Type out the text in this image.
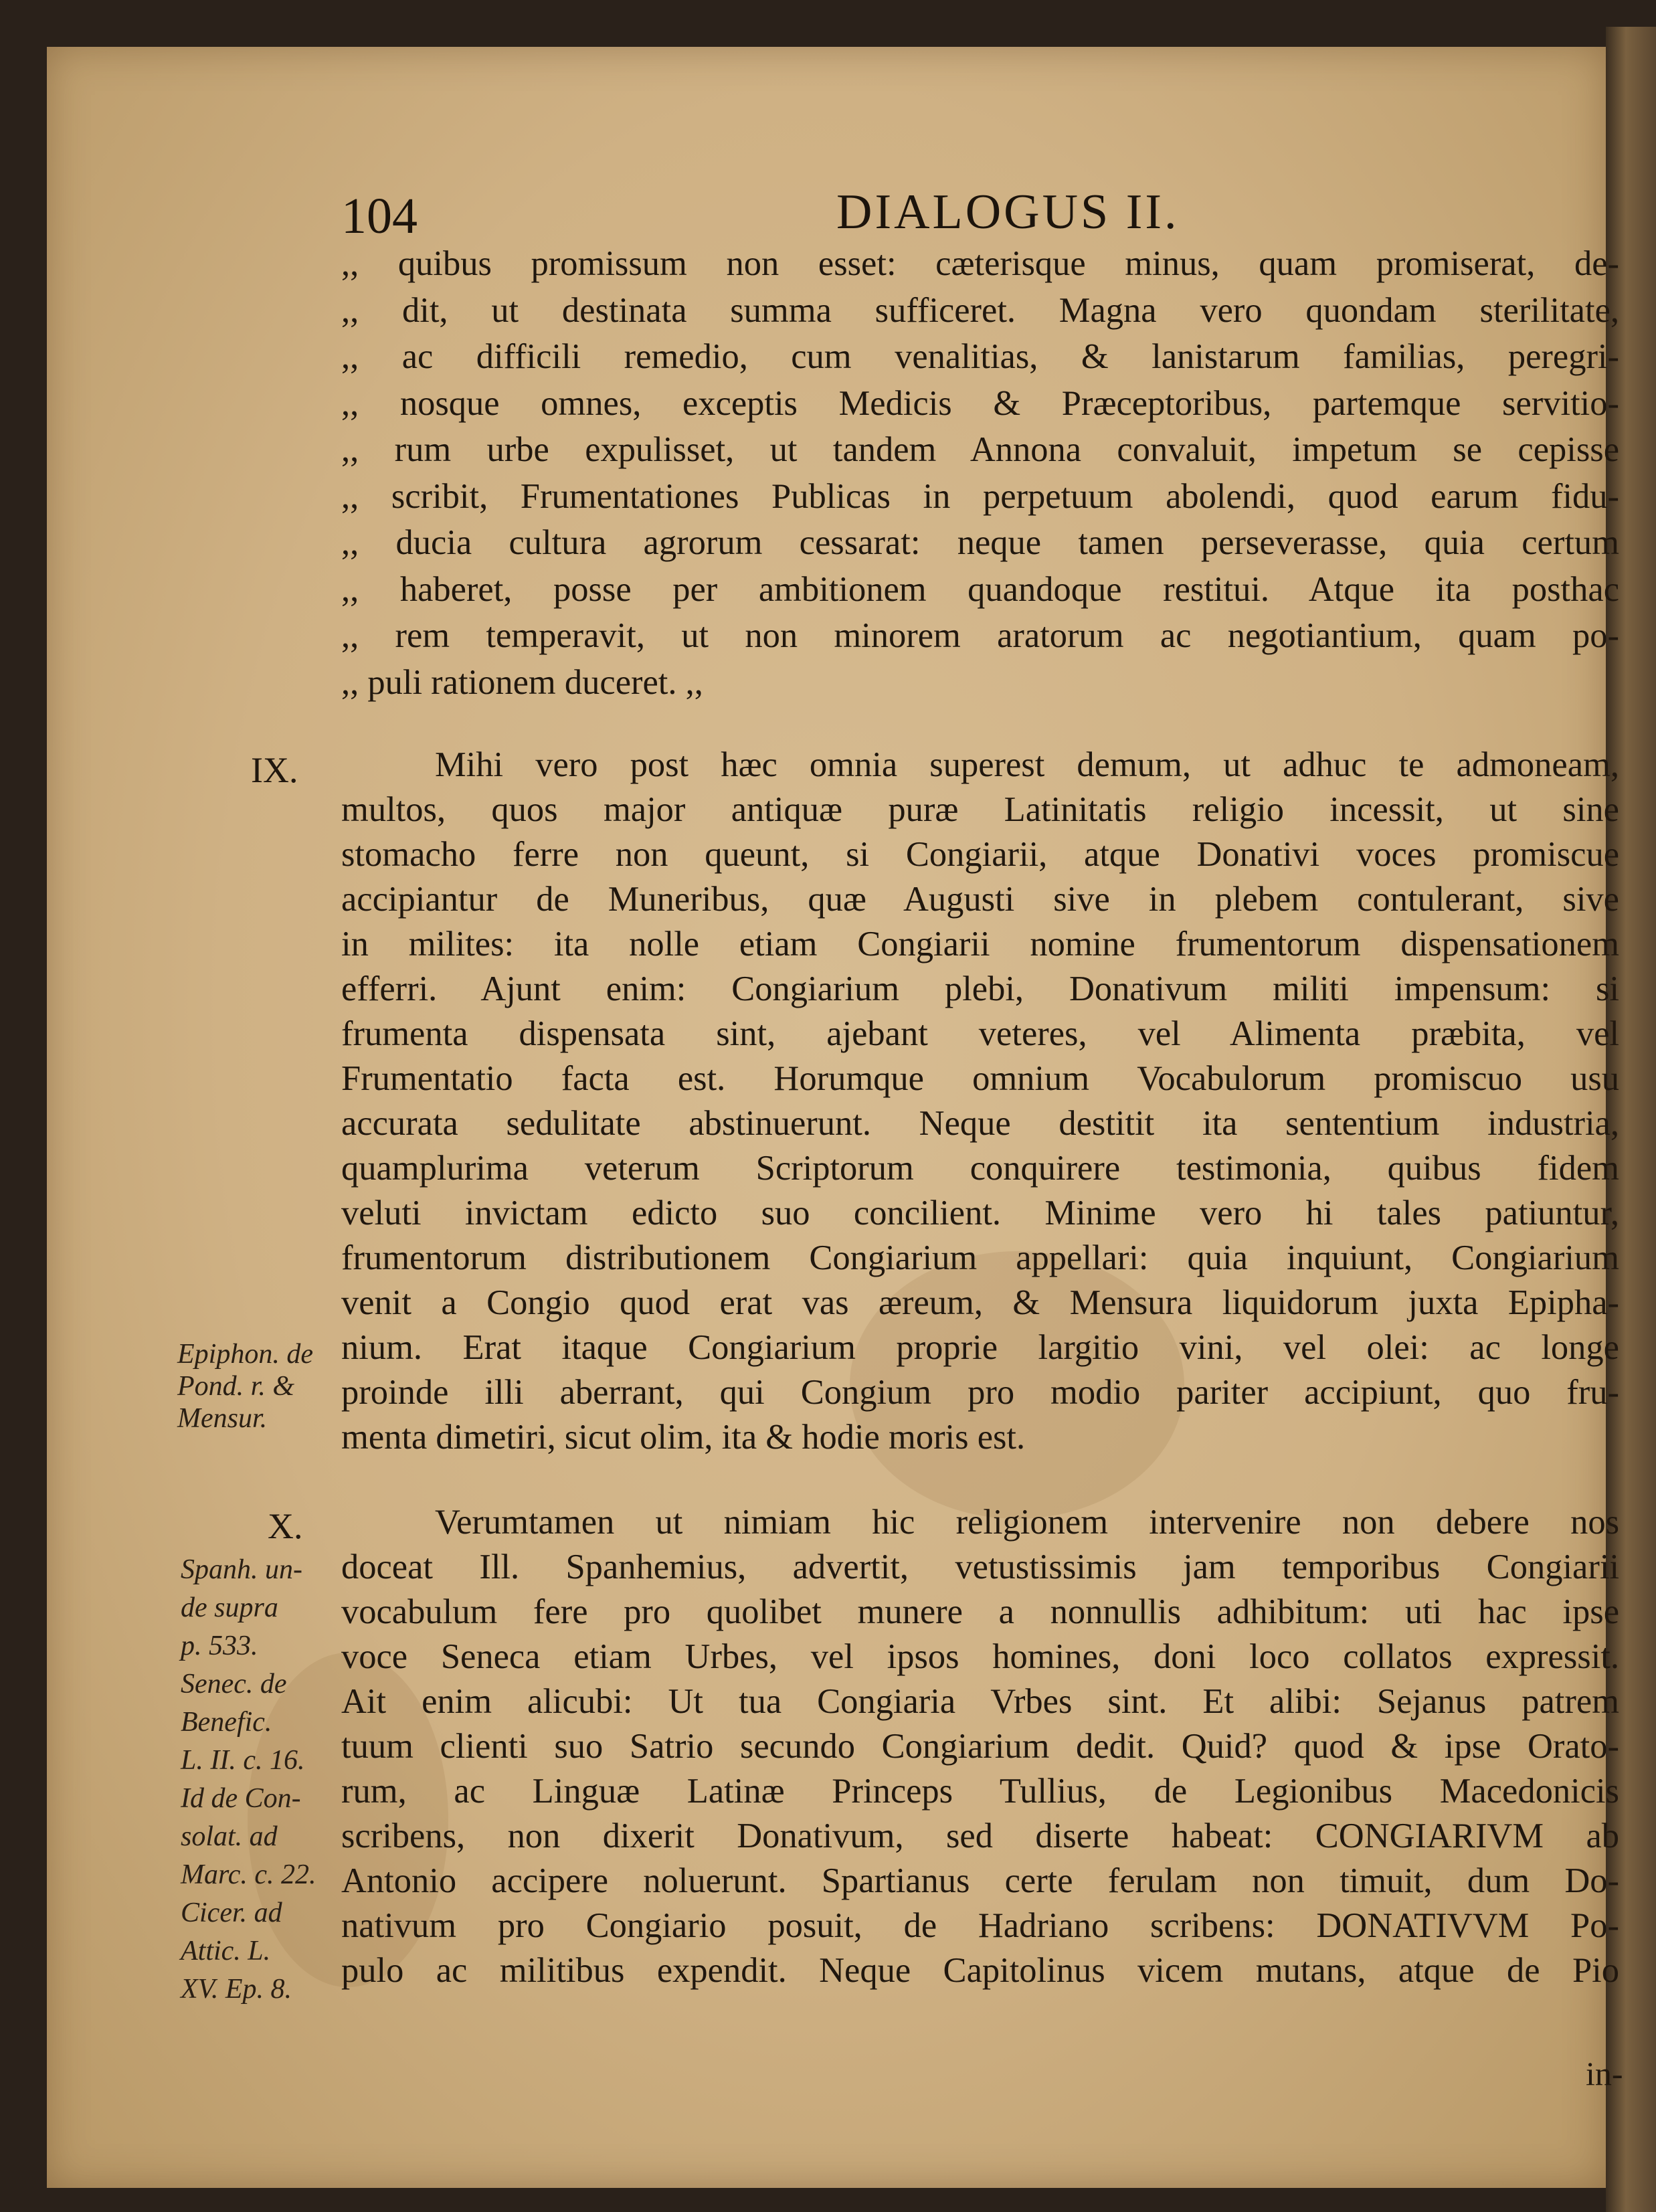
104	DIALOGUS II.
,, quibus promissum non esset: cæterisque minus, quam promiserat, de-
,, dit, ut destinata summa sufficeret. Magna vero quondam sterilitate,
,, ac difficili remedio, cum venalitias, & lanistarum familias, peregri-
,, nosque omnes, exceptis Medicis & Præceptoribus, partemque servitio-
,, rum urbe expulisset, ut tandem Annona convaluit, impetum se cepisse
,, scribit, Frumentationes Publicas in perpetuum abolendi, quod earum fidu-
,, ducia cultura agrorum cessarat: neque tamen perseverasse, quia certum
,, haberet, posse per ambitionem quandoque restitui. Atque ita posthac
,, rem temperavit, ut non minorem aratorum ac negotiantium, quam po-
,, puli rationem duceret. ,,
IX.	Mihi vero post hæc omnia superest demum, ut adhuc te admoneam,
multos, quos major antiquæ puræ Latinitatis religio incessit, ut sine
stomacho ferre non queunt, si Congiarii, atque Donativi voces promiscue
accipiantur de Muneribus, quæ Augusti sive in plebem contulerant, sive
in milites: ita nolle etiam Congiarii nomine frumentorum dispensationem
efferri. Ajunt enim: Congiarium plebi, Donativum militi impensum: si
frumenta dispensata sint, ajebant veteres, vel Alimenta præbita, vel
Frumentatio facta est. Horumque omnium Vocabulorum promiscuo usu
accurata sedulitate abstinuerunt. Neque destitit ita sententium industria,
quamplurima veterum Scriptorum conquirere testimonia, quibus fidem
veluti invictam edicto suo concilient. Minime vero hi tales patiuntur,
frumentorum distributionem Congiarium appellari: quia inquiunt, Congiarium
venit a Congio quod erat vas æreum, & Mensura liquidorum juxta Epipha-
nium. Erat itaque Congiarium proprie largitio vini, vel olei: ac longe
proinde illi aberrant, qui Congium pro modio pariter accipiunt, quo fru-
menta dimetiri, sicut olim, ita & hodie moris est.
Epiphon. de
Pond. r. &
Mensur.
X.	Verumtamen ut nimiam hic religionem intervenire non debere nos
doceat Ill. Spanhemius, advertit, vetustissimis jam temporibus Congiarii
vocabulum fere pro quolibet munere a nonnullis adhibitum: uti hac ipse
voce Seneca etiam Urbes, vel ipsos homines, doni loco collatos expressit.
Ait enim alicubi: Ut tua Congiaria Vrbes sint. Et alibi: Sejanus patrem
tuum clienti suo Satrio secundo Congiarium dedit. Quid? quod & ipse Orato-
rum, ac Linguæ Latinæ Princeps Tullius, de Legionibus Macedonicis
scribens, non dixerit Donativum, sed diserte habeat: CONGIARIVM ab
Antonio accipere noluerunt. Spartianus certe ferulam non timuit, dum Do-
nativum pro Congiario posuit, de Hadriano scribens: DONATIVVM Po-
pulo ac militibus expendit. Neque Capitolinus vicem mutans, atque de Pio
Spanh. un-
de supra
p. 533.
Senec. de
Benefic.
L. II. c. 16.
Id de Con-
solat. ad
Marc. c. 22.
Cicer. ad
Attic. L.
XV. Ep. 8.
in-
